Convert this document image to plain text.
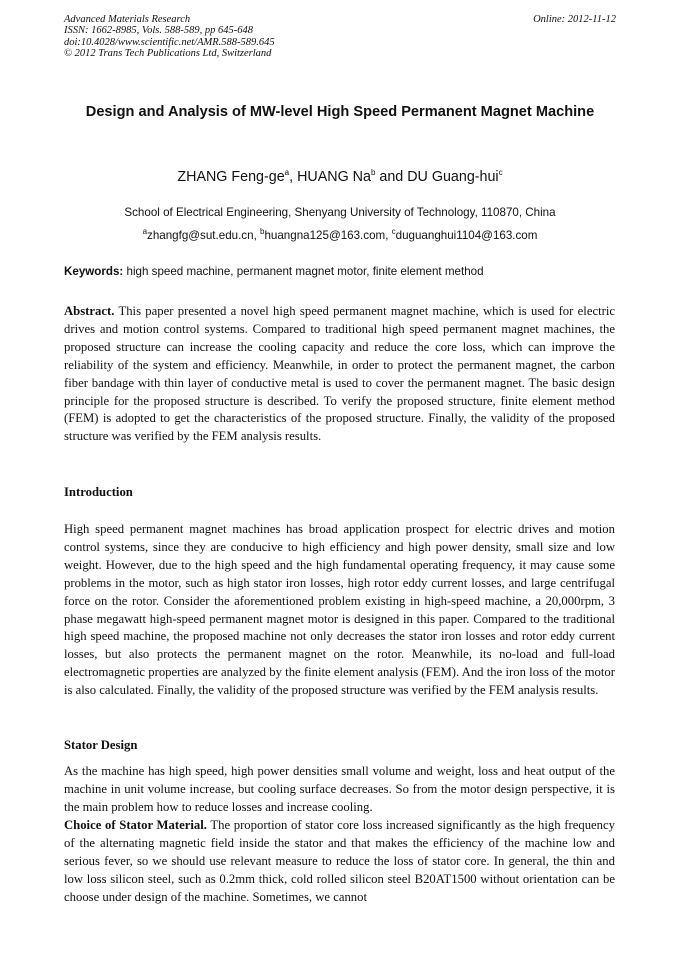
Advanced Materials Research
ISSN: 1662-8985, Vols. 588-589, pp 645-648
doi:10.4028/www.scientific.net/AMR.588-589.645
© 2012 Trans Tech Publications Ltd, Switzerland
Online: 2012-11-12
Design and Analysis of MW-level High Speed Permanent Magnet Machine
ZHANG Feng-$ge^a$, HUANG Na$^b$ and DU Guang-hui$^c$
School of Electrical Engineering, Shenyang University of Technology, 110870, China
$^a$zhangfg@sut.edu.cn, $^b$huangna125@163.com, $^c$duguanghui1104@163.com
Keywords: high speed machine, permanent magnet motor, finite element method

Abstract. This paper presented a novel high speed permanent magnet machine, which is used for electric drives and motion control systems. Compared to traditional high speed permanent magnet machines, the proposed structure can increase the cooling capacity and reduce the core loss, which can improve the reliability of the system and efficiency. Meanwhile, in order to protect the permanent magnet, the carbon fiber bandage with thin layer of conductive metal is used to cover the permanent magnet. The basic design principle for the proposed structure is described. To verify the proposed structure, finite element method (FEM) is adopted to get the characteristics of the proposed structure. Finally, the validity of the proposed structure was verified by the FEM analysis results.

Introduction

High speed permanent magnet machines has broad application prospect for electric drives and motion control systems, since they are conducive to high efficiency and high power density, small size and low weight. However, due to the high speed and the high fundamental operating frequency, it may cause some problems in the motor, such as high stator iron losses, high rotor eddy current losses, and large centrifugal force on the rotor. Consider the aforementioned problem existing in high-speed machine, a 20,000rpm, 3 phase megawatt high-speed permanent magnet motor is designed in this paper. Compared to the traditional high speed machine, the proposed machine not only decreases the stator iron losses and rotor eddy current losses, but also protects the permanent magnet on the rotor. Meanwhile, its no-load and full-load electromagnetic properties are analyzed by the finite element analysis (FEM). And the iron loss of the motor is also calculated. Finally, the validity of the proposed structure was verified by the FEM analysis results.

Stator Design

As the machine has high speed, high power densities small volume and weight, loss and heat output of the machine in unit volume increase, but cooling surface decreases. So from the motor design perspective, it is the main problem how to reduce losses and increase cooling.

Choice of Stator Material. The proportion of stator core loss increased significantly as the high frequency of the alternating magnetic field inside the stator and that makes the efficiency of the machine low and serious fever, so we should use relevant measure to reduce the loss of stator core. In general, the thin and low loss silicon steel, such as 0.2mm thick, cold rolled silicon steel B20AT1500 without orientation can be choose under design of the machine. Sometimes, we cannot
